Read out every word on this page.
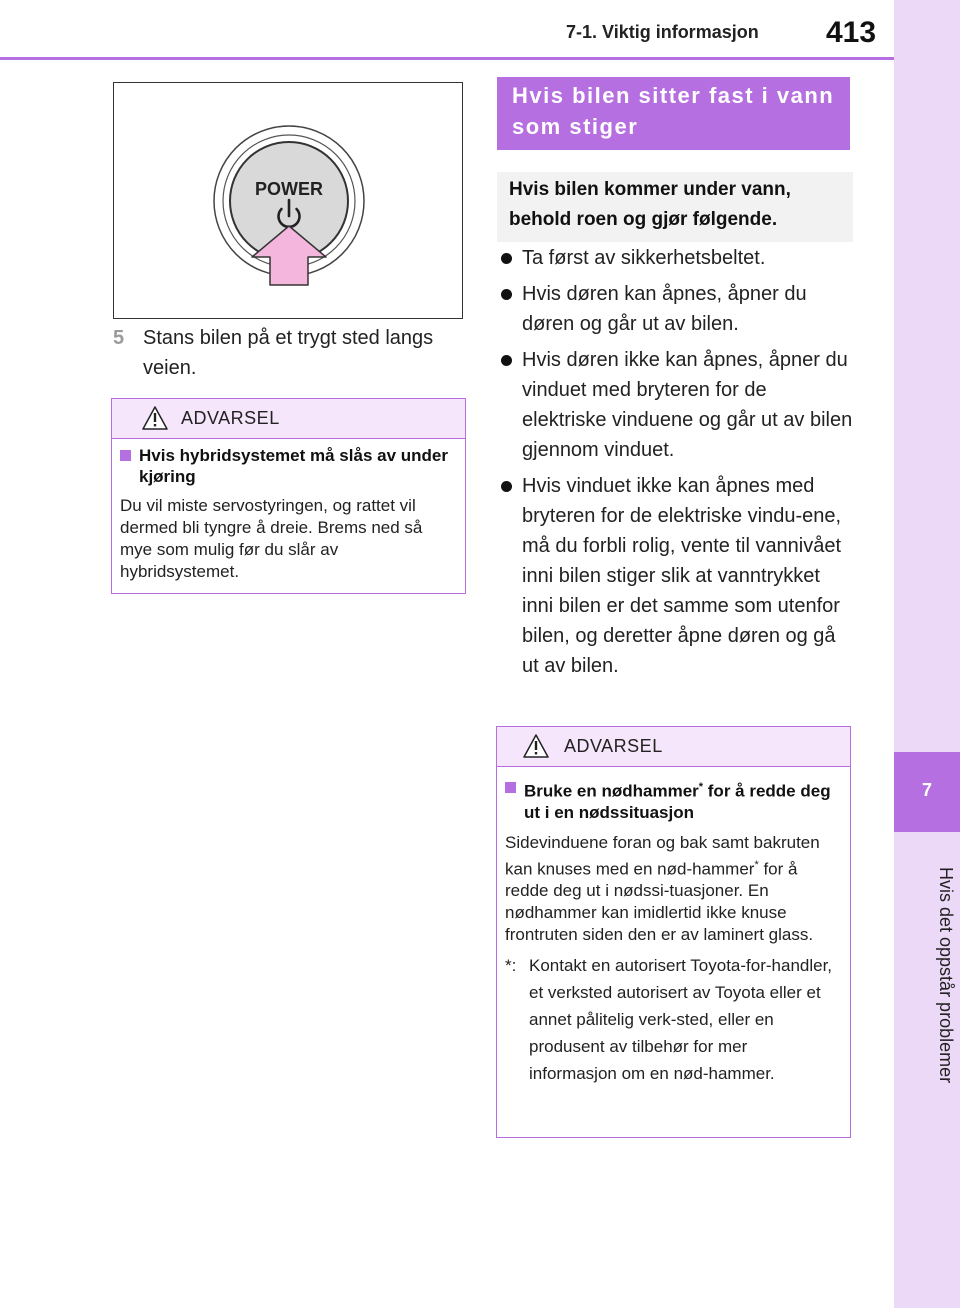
7-1. Viktig informasjon 413
7
Hvis det oppstår problemer
POWER
5 Stans bilen på et trygt sted langs veien.
ADVARSEL
Hvis hybridsystemet må slås av under kjøring
Du vil miste servostyringen, og rattet vil dermed bli tyngre å dreie. Brems ned så mye som mulig før du slår av hybridsystemet.
Hvis bilen sitter fast i vann som stiger
Hvis bilen kommer under vann, behold roen og gjør følgende.
Ta først av sikkerhetsbeltet.
Hvis døren kan åpnes, åpner du døren og går ut av bilen.
Hvis døren ikke kan åpnes, åpner du vinduet med bryteren for de elektriske vinduene og går ut av bilen gjennom vinduet.
Hvis vinduet ikke kan åpnes med bryteren for de elektriske vindu-ene, må du forbli rolig, vente til vannivået inni bilen stiger slik at vanntrykket inni bilen er det samme som utenfor bilen, og deretter åpne døren og gå ut av bilen.
ADVARSEL
Bruke en nødhammer* for å redde deg ut i en nødssituasjon
Sidevinduene foran og bak samt bakruten kan knuses med en nød-hammer* for å redde deg ut i nødssi-tuasjoner. En nødhammer kan imidlertid ikke knuse frontruten siden den er av laminert glass.
*: Kontakt en autorisert Toyota-for-handler, et verksted autorisert av Toyota eller et annet pålitelig verk-sted, eller en produsent av tilbehør for mer informasjon om en nød-hammer.
